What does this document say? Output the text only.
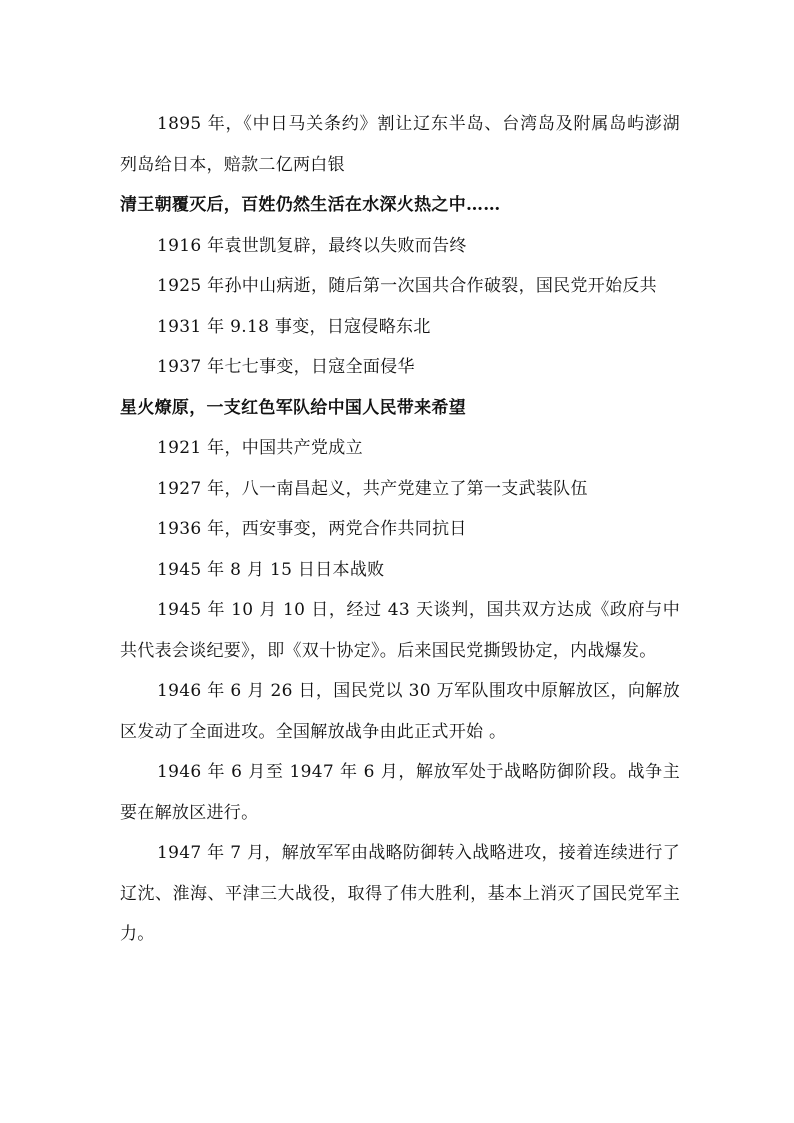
1895 年，《中日马关条约》割让辽东半岛、台湾岛及附属岛屿澎湖列岛给日本，赔款二亿两白银

清王朝覆灭后，百姓仍然生活在水深火热之中……

1916 年袁世凯复辟，最终以失败而告终

1925 年孙中山病逝，随后第一次国共合作破裂，国民党开始反共

1931 年 9.18 事变，日寇侵略东北

1937 年七七事变，日寇全面侵华

星火燎原，一支红色军队给中国人民带来希望

1921 年，中国共产党成立

1927 年，八一南昌起义，共产党建立了第一支武装队伍

1936 年，西安事变，两党合作共同抗日

1945 年 8 月 15 日日本战败

1945 年 10 月 10 日，经过 43 天谈判，国共双方达成《政府与中共代表会谈纪要》，即《双十协定》。后来国民党撕毁协定，内战爆发。

1946 年 6 月 26 日，国民党以 30 万军队围攻中原解放区，向解放区发动了全面进攻。全国解放战争由此正式开始 。

1946 年 6 月至 1947 年 6 月，解放军处于战略防御阶段。战争主要在解放区进行。

1947 年 7 月，解放军军由战略防御转入战略进攻，接着连续进行了辽沈、淮海、平津三大战役，取得了伟大胜利，基本上消灭了国民党军主力。
